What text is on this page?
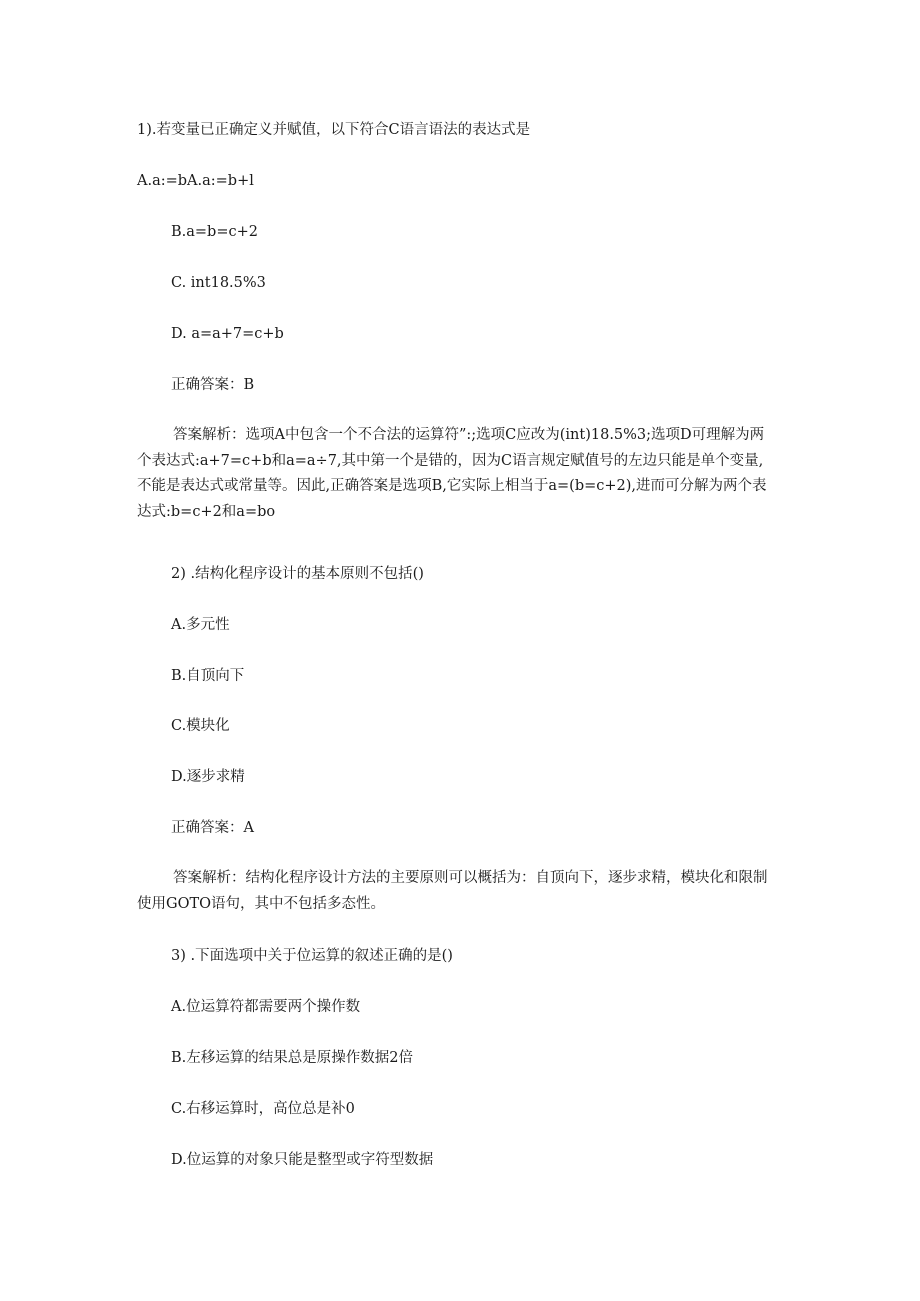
1).若变量已正确定义并赋值，以下符合C语言语法的表达式是
A.a:=bA.a:=b+l
B.a=b=c+2
C. int18.5%3
D. a=a+7=c+b
正确答案：B
答案解析：选项A中包含一个不合法的运算符”:;选项C应改为(int)18.5%3;选项D可理解为两个表达式:a+7=c+b和a=a÷7,其中第一个是错的，因为C语言规定赋值号的左边只能是单个变量,不能是表达式或常量等。因此,正确答案是选项B,它实际上相当于a=(b=c+2),进而可分解为两个表达式:b=c+2和a=bo
2) .结构化程序设计的基本原则不包括()
A.多元性
B.自顶向下
C.模块化
D.逐步求精
正确答案：A
答案解析：结构化程序设计方法的主要原则可以概括为：自顶向下，逐步求精，模块化和限制使用GOTO语句，其中不包括多态性。
3) .下面选项中关于位运算的叙述正确的是()
A.位运算符都需要两个操作数
B.左移运算的结果总是原操作数据2倍
C.右移运算时，高位总是补0
D.位运算的对象只能是整型或字符型数据
